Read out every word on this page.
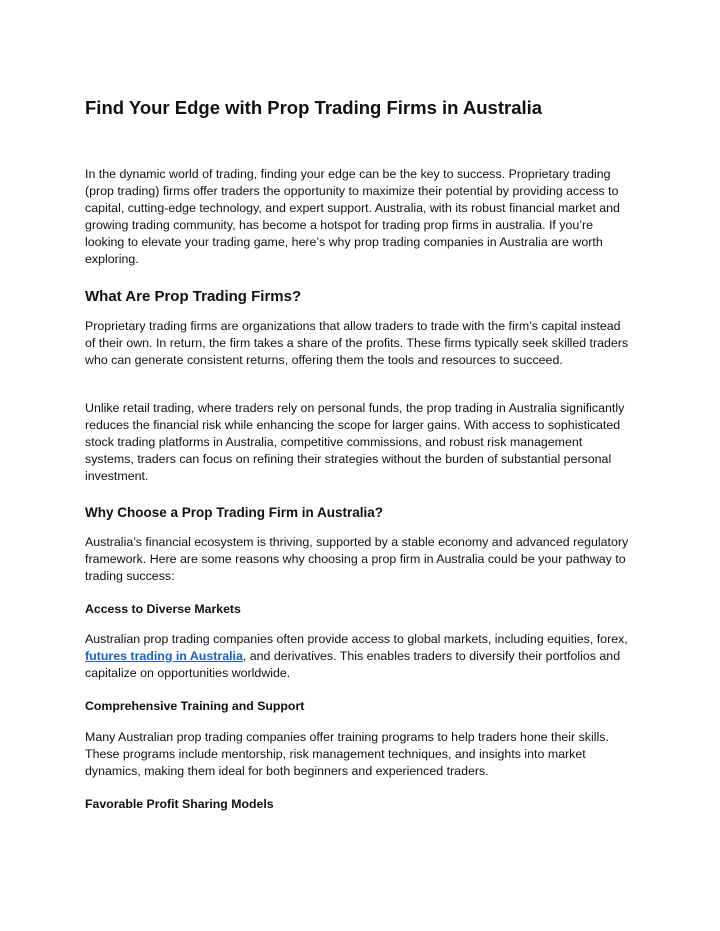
Find Your Edge with Prop Trading Firms in Australia

In the dynamic world of trading, finding your edge can be the key to success. Proprietary trading (prop trading) firms offer traders the opportunity to maximize their potential by providing access to capital, cutting-edge technology, and expert support. Australia, with its robust financial market and growing trading community, has become a hotspot for trading prop firms in australia. If you’re looking to elevate your trading game, here’s why prop trading companies in Australia are worth exploring.

What Are Prop Trading Firms?

Proprietary trading firms are organizations that allow traders to trade with the firm’s capital instead of their own. In return, the firm takes a share of the profits. These firms typically seek skilled traders who can generate consistent returns, offering them the tools and resources to succeed.

Unlike retail trading, where traders rely on personal funds, the prop trading in Australia significantly reduces the financial risk while enhancing the scope for larger gains. With access to sophisticated stock trading platforms in Australia, competitive commissions, and robust risk management systems, traders can focus on refining their strategies without the burden of substantial personal investment.

Why Choose a Prop Trading Firm in Australia?

Australia’s financial ecosystem is thriving, supported by a stable economy and advanced regulatory framework. Here are some reasons why choosing a prop firm in Australia could be your pathway to trading success:

Access to Diverse Markets

Australian prop trading companies often provide access to global markets, including equities, forex, futures trading in Australia, and derivatives. This enables traders to diversify their portfolios and capitalize on opportunities worldwide.

Comprehensive Training and Support

Many Australian prop trading companies offer training programs to help traders hone their skills. These programs include mentorship, risk management techniques, and insights into market dynamics, making them ideal for both beginners and experienced traders.

Favorable Profit Sharing Models
